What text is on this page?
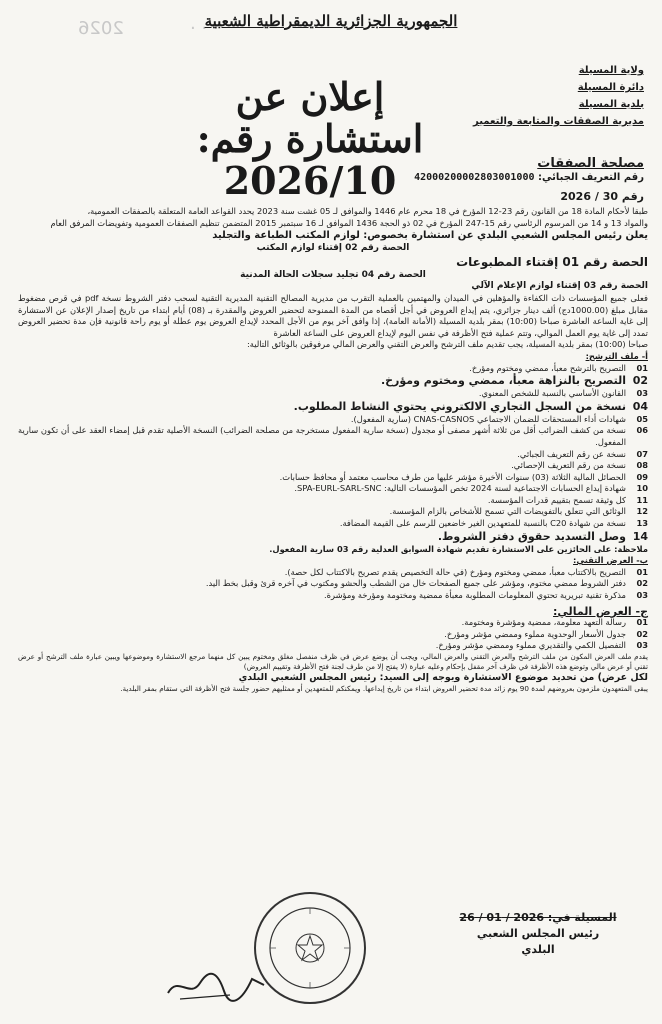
2026	· · ·
الجمهورية الجزائرية الديمقراطية الشعبية
إعلان عن استشارة رقم: 2026/10
ولاية المسيلة
دائرة المسيلة
بلدية المسيلة
مديرية الصفقات والمتابعة والتعمير
مصلحة الصفقات
رقم التعريف الجبائي: 42000200002803001000
رقم 30 / 2026

طبقا لأحكام المادة 18 من القانون رقم 23-12 المؤرخ في 18 محرم عام 1446 والموافق لـ 05 غشت سنة 2023 يحدد القواعد العامة المتعلقة بالصفقات العمومية،

والمواد 13 و 14 من المرسوم الرئاسي رقم 15-247 المؤرخ في 02 ذو الحجة 1436 الموافق لـ 16 سبتمبر 2015 المتضمن تنظيم الصفقات العمومية وتفويضات المرفق العام

يعلن رئيس المجلس الشعبي البلدي عن استشارة بخصوص: لوازم المكتب الطباعة والتجليد

الحصة رقم 02 إقتناء لوازم المكتب

الحصة رقم 01 إقتناء المطبوعات

الحصة رقم 04 تجليد سجلات الحالة المدنية

الحصة رقم 03 إقتناء لوازم الإعلام الآلي

فعلى جميع المؤسسات ذات الكفاءة والمؤهلين في الميدان والمهتمين بالعملية التقرب من مديرية المصالح التقنية المديرية التقنية لسحب دفتر الشروط نسخة pdf في قرص مضغوط مقابل مبلغ (1000.00دج) ألف دينار جزائري، يتم إيداع العروض في أجل أقصاه من المدة الممنوحة لتحضير العروض والمقدرة بـ (08) أيام ابتداء من تاريخ إصدار الإعلان عن الاستشارة إلى غاية الساعة العاشرة صباحا (10:00) بمقر بلدية المسيلة (الأمانة العامة)، إذا وافق آخر يوم من الأجل المحدد لإيداع العروض يوم عطلة أو يوم راحة قانونية فإن مدة تحضير العروض تمدد إلى غاية يوم العمل الموالي، وتتم عملية فتح الأظرفة في نفس اليوم لإيداع العروض على الساعة العاشرة

صباحا (10:00) بمقر بلدية المسيلة، يجب تقديم ملف الترشح والعرض التقني والعرض المالي مرفوقين بالوثائق التالية:

أ- ملف الترشح:

01
التصريح بالترشح معبأ، ممضي ومختوم ومؤرخ.
02
التصريح بالنزاهة معبأ، ممضي ومختوم ومؤرخ.
03
القانون الأساسي بالنسبة للشخص المعنوي.
04
نسخة من السجل التجاري الالكتروني يحتوي النشاط المطلوب.
05
شهادات أداء المستحقات للضمان الاجتماعي CNAS-CASNOS (سارية المفعول).
06
نسخة من كشف الضرائب أقل من ثلاثة أشهر مصفى أو مجدول (نسخة سارية المفعول مستخرجة من مصلحة الضرائب) النسخة الأصلية تقدم قبل إمضاء العقد على أن تكون سارية المفعول.
07
نسخة عن رقم التعريف الجبائي.
08
نسخة من رقم التعريف الإحصائي.
09
الحصائل المالية الثلاثة (03) سنوات الأخيرة مؤشر عليها من طرف محاسب معتمد أو محافظ حسابات.
10
شهادة إيداع الحسابات الاجتماعية لسنة 2024 تخص المؤسسات التالية: SPA-EURL-SARL-SNC.
11
كل وثيقة تسمح بتقييم قدرات المؤسسة.
12
الوثائق التي تتعلق بالتفويضات التي تسمح للأشخاص بالزام المؤسسة.
13
نسخة من شهادة C20 بالنسبة للمتعهدين الغير خاضعين للرسم على القيمة المضافة.
14
وصل التسديد حقوق دفتر الشروط.

ملاحظة: على الحائزين على الاستشارة تقديم شهادة السوابق العدلية رقم 03 سارية المفعول.

ب- العرض التقني:

01
التصريح بالاكتتاب معبأ، ممضي ومختوم ومؤرخ (في حالة التخصيص يقدم تصريح بالاكتتاب لكل حصة).
02
دفتر الشروط ممضي مختوم، ومؤشر على جميع الصفحات خال من الشطب والحشو ومكتوب في آخره قرئ وقبل بخط اليد.
03
مذكرة تقنية تبريرية تحتوي المعلومات المطلوبة معبأة ممضية ومختومة ومؤرخة ومؤشرة.

ج- العرض المالي:

01
رسالة التعهد معلومة، ممضية ومؤشرة ومختومة.
02
جدول الأسعار الوحدوية مملوء وممضي مؤشر ومؤرخ.
03
التفصيل الكمي والتقديري مملوء وممضي مؤشر ومؤرخ.

يقدم ملف العرض المكون من ملف الترشح والعرض التقني والعرض المالي، ويجب أن يوضع عرض في ظرف منفصل مغلق ومختوم يبين كل منهما مرجع الاستشارة وموضوعها ويبين عبارة ملف الترشح أو عرض تقني أو عرض مالي وتوضع هذه الأظرفة في ظرف آخر مقفل بإحكام وعليه عبارة (لا يفتح إلا من طرف لجنة فتح الأظرفة وتقييم العروض)

لكل عرض) من تحديد موضوع الاستشارة ويوجه إلى السيد: رئيس المجلس الشعبي البلدي

يبقى المتعهدون ملزمون بعروضهم لمدة 90 يوم زائد مدة تحضير العروض ابتداء من تاريخ إيداعها. ويمكنكم للمتعهدين أو ممثليهم حضور جلسة فتح الأظرفة التي ستقام بمقر البلدية.

المسيلة في: 2026 / 01 / 26
رئيس المجلس الشعبي
البلدي
